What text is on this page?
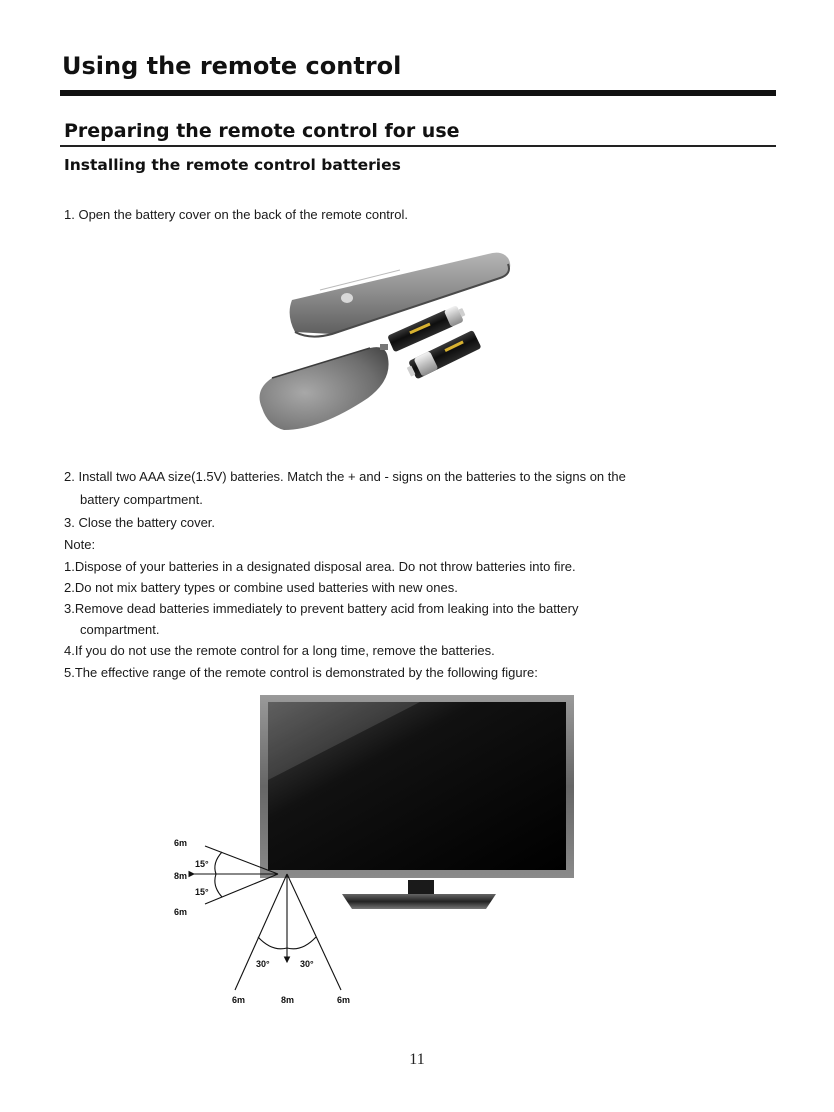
Using the remote control
Preparing the remote control for use
Installing the remote control batteries

1. Open the battery cover on the back of the remote control.

2. Install two AAA size(1.5V) batteries. Match the + and - signs on the batteries to the signs on the

battery compartment.

3. Close the battery cover.

Note:

1.Dispose of your batteries in a designated disposal area. Do not throw batteries into fire.

2.Do not mix battery types or combine used batteries with new ones.

3.Remove dead batteries immediately to prevent battery acid from leaking into the battery

compartment.

4.If you do not use the remote control for a long time, remove the batteries.

5.The effective range of the remote control is demonstrated by the following figure:

6m
8m
6m
15°
15°
30°	30°
6m	8m	6m
11
